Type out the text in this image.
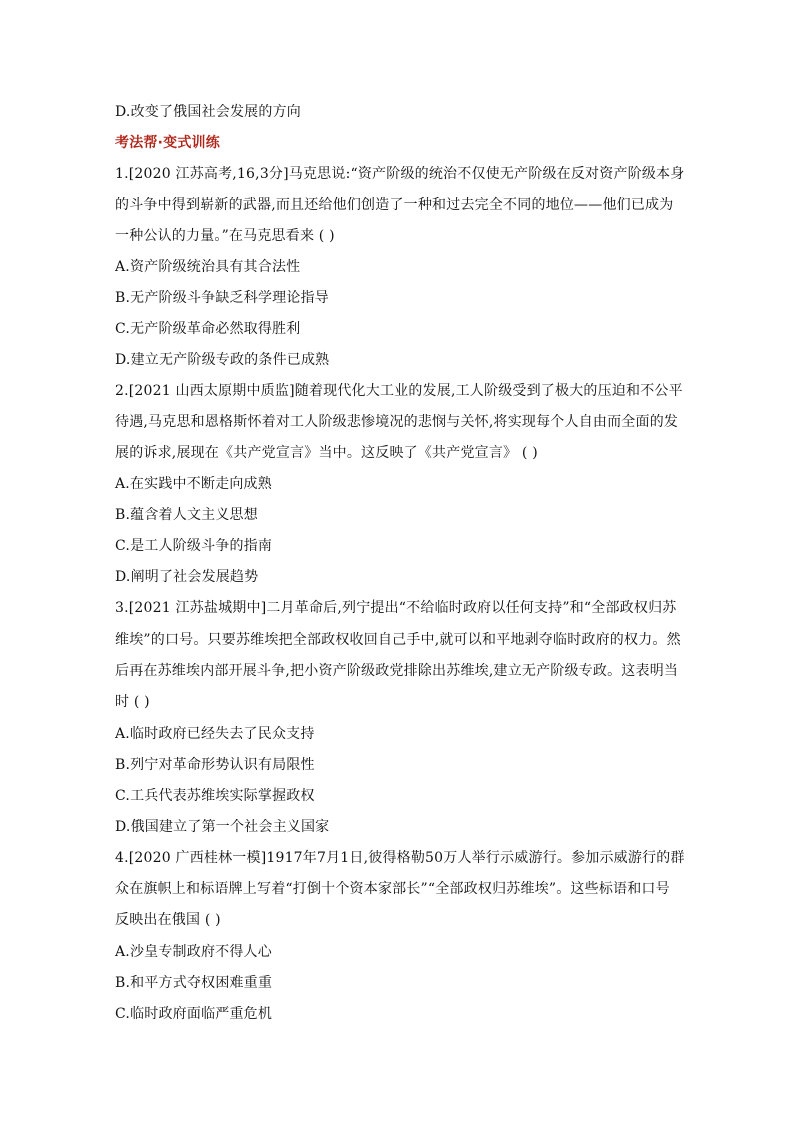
D.改变了俄国社会发展的方向
考法帮·变式训练
1.[2020 江苏高考,16,3分]马克思说:“资产阶级的统治不仅使无产阶级在反对资产阶级本身
的斗争中得到崭新的武器,而且还给他们创造了一种和过去完全不同的地位——他们已成为
一种公认的力量。”在马克思看来 ( )
A.资产阶级统治具有其合法性
B.无产阶级斗争缺乏科学理论指导
C.无产阶级革命必然取得胜利
D.建立无产阶级专政的条件已成熟
2.[2021 山西太原期中质监]随着现代化大工业的发展,工人阶级受到了极大的压迫和不公平
待遇,马克思和恩格斯怀着对工人阶级悲惨境况的悲悯与关怀,将实现每个人自由而全面的发
展的诉求,展现在《共产党宣言》当中。这反映了《共产党宣言》 ( )
A.在实践中不断走向成熟
B.蕴含着人文主义思想
C.是工人阶级斗争的指南
D.阐明了社会发展趋势
3.[2021 江苏盐城期中]二月革命后,列宁提出“不给临时政府以任何支持”和“全部政权归苏
维埃”的口号。只要苏维埃把全部政权收回自己手中,就可以和平地剥夺临时政府的权力。然
后再在苏维埃内部开展斗争,把小资产阶级政党排除出苏维埃,建立无产阶级专政。这表明当
时 ( )
A.临时政府已经失去了民众支持
B.列宁对革命形势认识有局限性
C.工兵代表苏维埃实际掌握政权
D.俄国建立了第一个社会主义国家
4.[2020 广西桂林一模]1917年7月1日,彼得格勒50万人举行示威游行。参加示威游行的群
众在旗帜上和标语牌上写着“打倒十个资本家部长”“全部政权归苏维埃”。这些标语和口号
反映出在俄国 ( )
A.沙皇专制政府不得人心
B.和平方式夺权困难重重
C.临时政府面临严重危机
